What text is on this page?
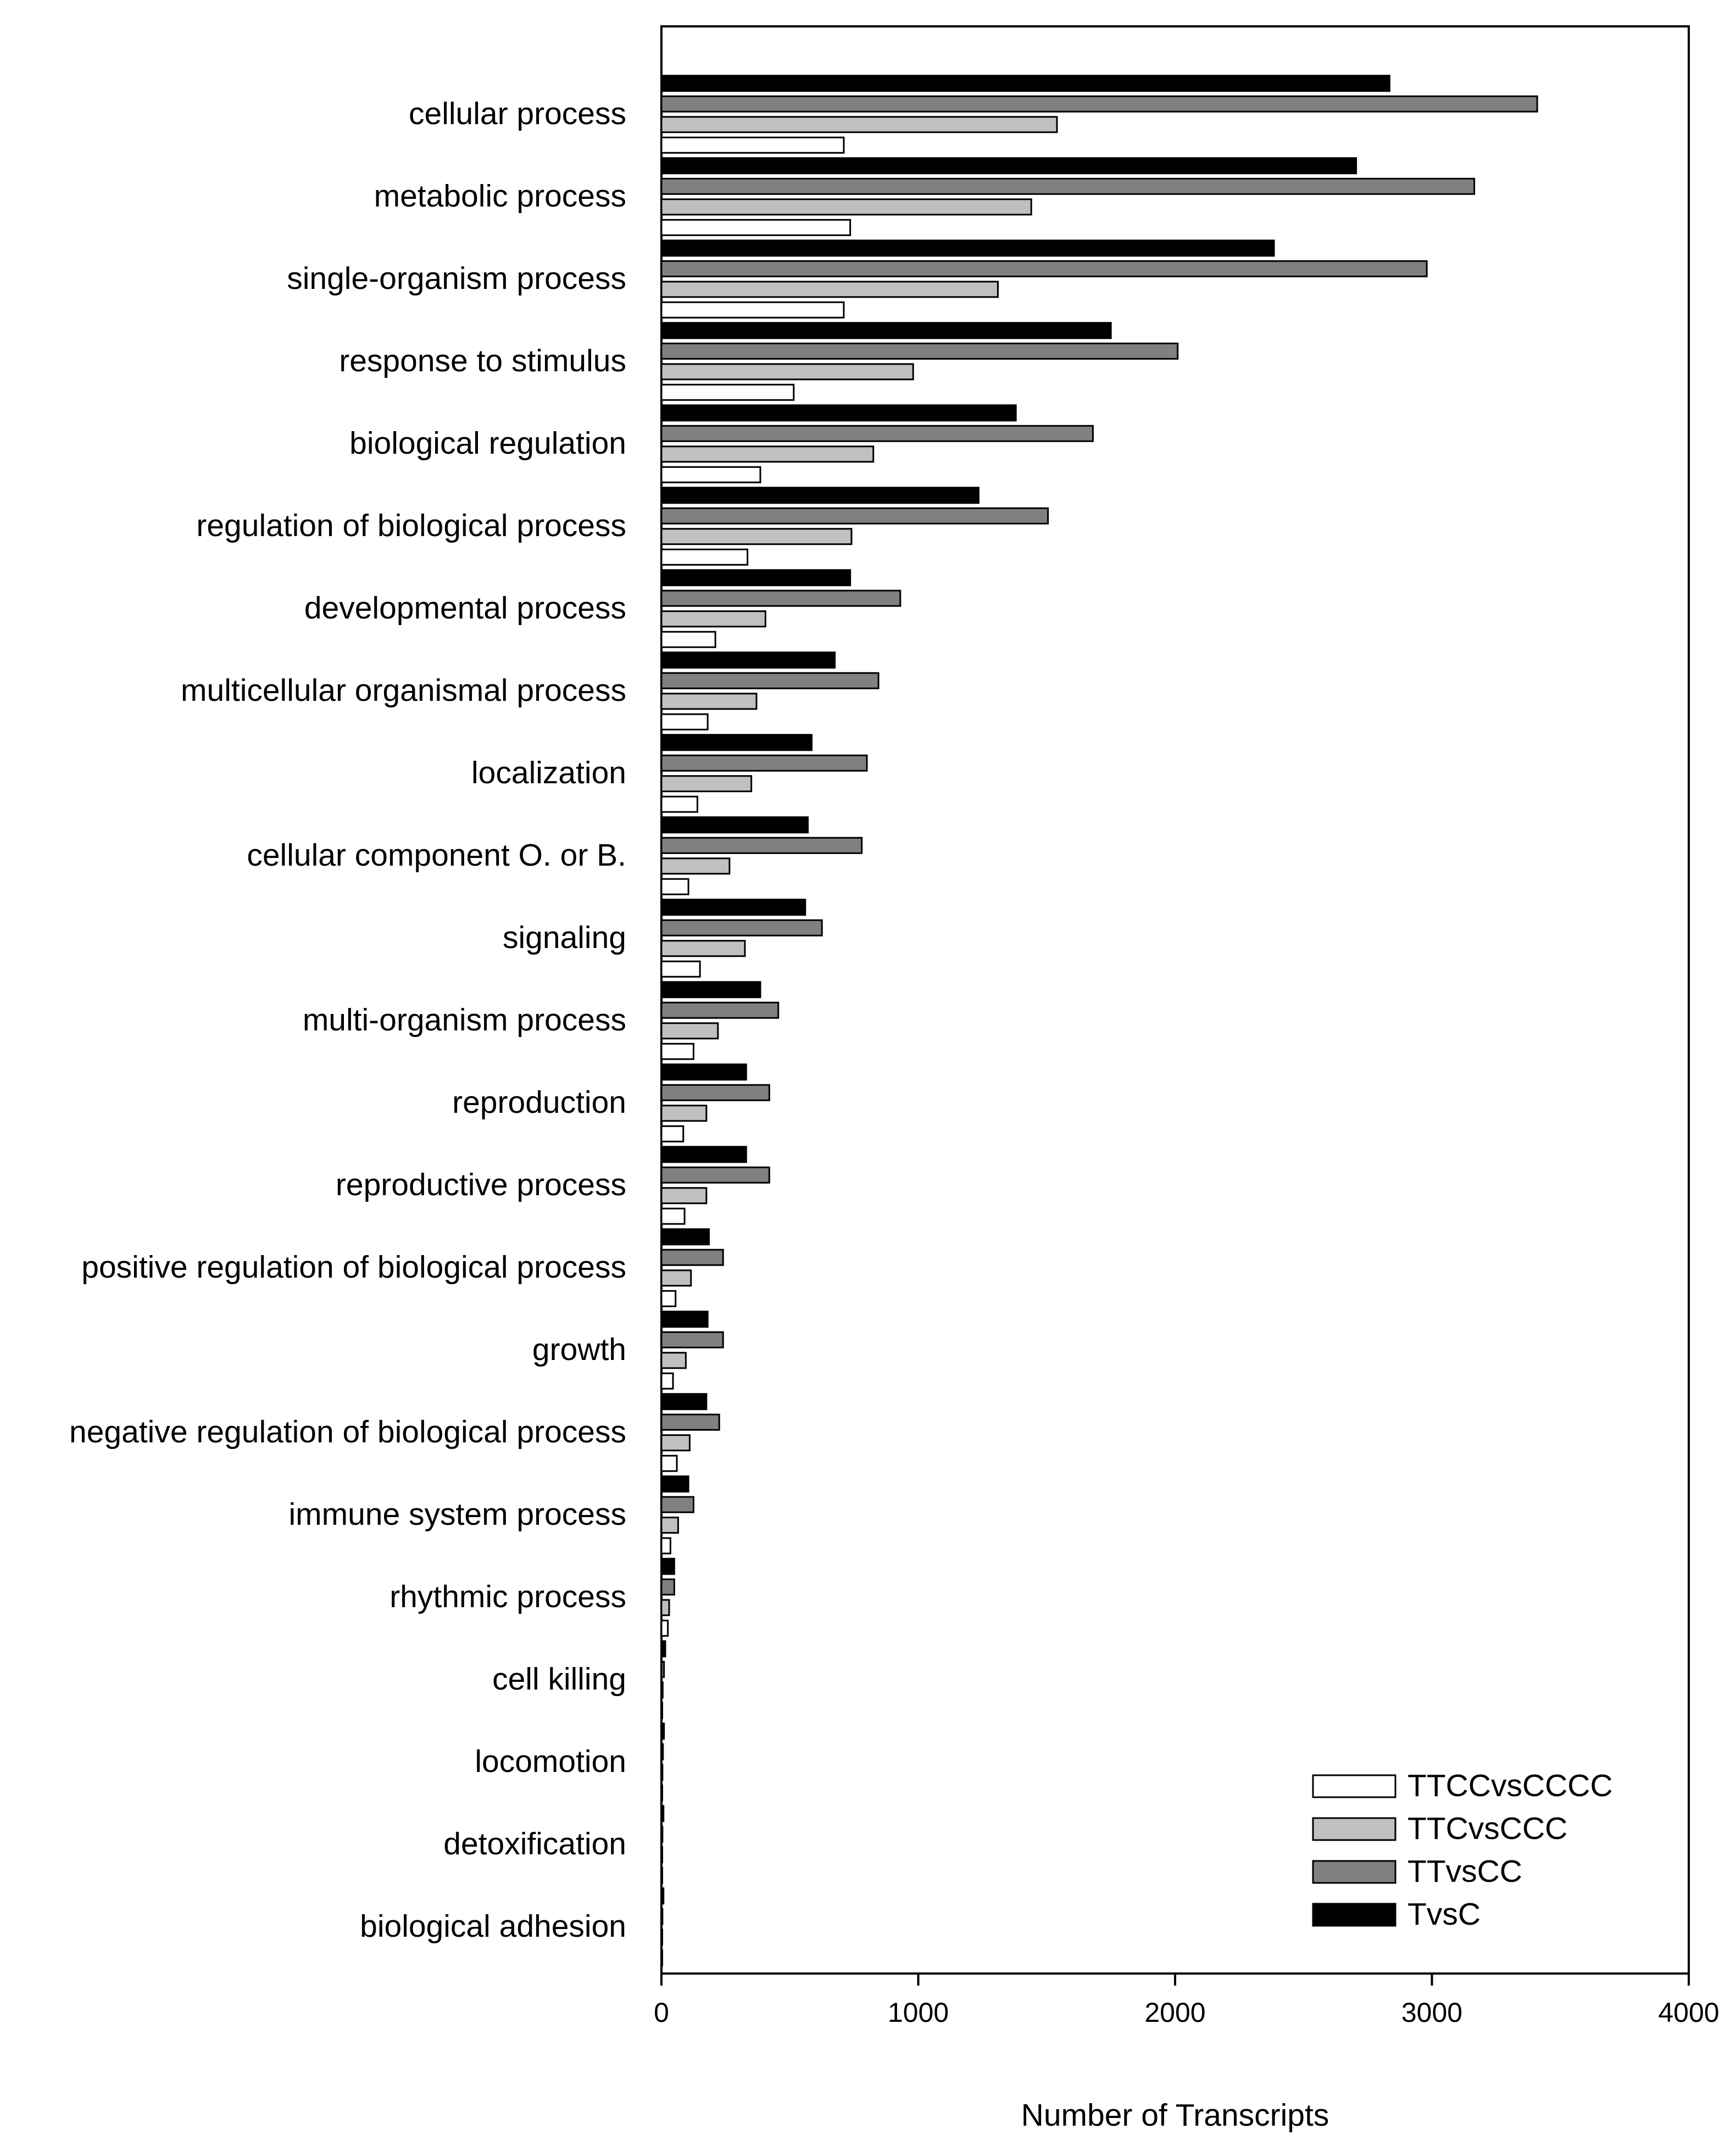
cellular process
metabolic process
single-organism process
response to stimulus
biological regulation
regulation of biological process
developmental process
multicellular organismal process
localization
cellular component O. or B.
signaling
multi-organism process
reproduction
reproductive process
positive regulation of biological process
growth
negative regulation of biological process
immune system process
rhythmic process
cell killing
locomotion
detoxification
biological adhesion
0	1000	2000	3000	4000
Number of Transcripts
TTCCvsCCCC
TTCvsCCC
TTvsCC
TvsC
